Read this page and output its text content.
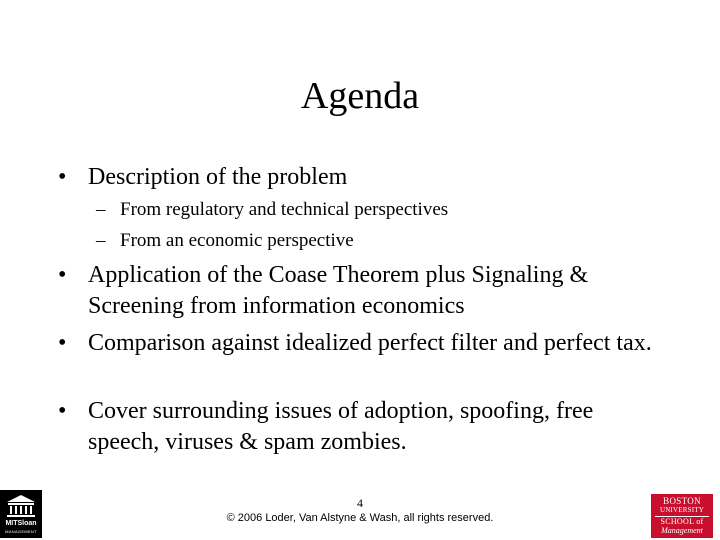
Agenda
• Description of the problem
– From regulatory and technical perspectives
– From an economic perspective
• Application of the Coase Theorem plus Signaling & Screening from information economics
• Comparison against idealized perfect filter and perfect tax.
• Cover surrounding issues of adoption, spoofing, free speech, viruses & spam zombies.
4
© 2006 Loder, Van Alstyne & Wash, all rights reserved.
MITSloan
MANAGEMENT
BOSTON
UNIVERSITY
SCHOOL of
Management
